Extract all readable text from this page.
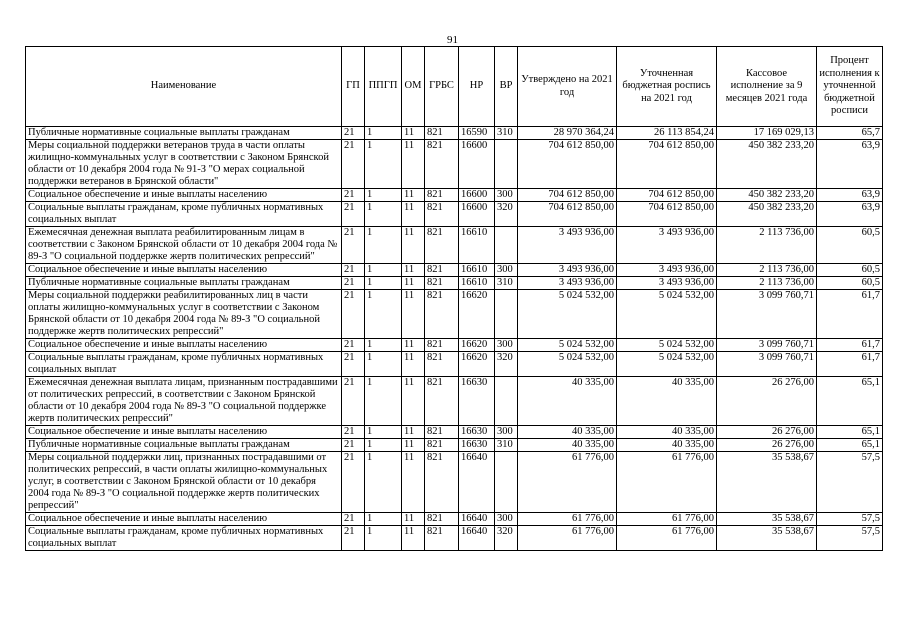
91
Наименование	ГП	ППГП	ОМ	ГРБС	НР	ВР	Утверждено на 2021 год	Уточненная бюджетная роспись на 2021 год	Кассовое исполнение за 9 месяцев 2021 года	Процент исполнения к уточненной бюджетной росписи
Публичные нормативные социальные выплаты гражданам	21	1	11	821	16590	310	28 970 364,24	26 113 854,24	17 169 029,13	65,7
Меры социальной поддержки ветеранов труда в части оплаты жилищно-коммунальных услуг в соответствии с Законом Брянской области от 10 декабря 2004 года № 91-З "О мерах социальной поддержки ветеранов в Брянской области"	21	1	11	821	16600		704 612 850,00	704 612 850,00	450 382 233,20	63,9
Социальное обеспечение и иные выплаты населению	21	1	11	821	16600	300	704 612 850,00	704 612 850,00	450 382 233,20	63,9
Социальные выплаты гражданам, кроме публичных нормативных социальных выплат	21	1	11	821	16600	320	704 612 850,00	704 612 850,00	450 382 233,20	63,9
Ежемесячная денежная выплата реабилитированным лицам в соответствии с Законом Брянской области от 10 декабря 2004 года № 89-З "О социальной поддержке жертв политических репрессий"	21	1	11	821	16610		3 493 936,00	3 493 936,00	2 113 736,00	60,5
Социальное обеспечение и иные выплаты населению	21	1	11	821	16610	300	3 493 936,00	3 493 936,00	2 113 736,00	60,5
Публичные нормативные социальные выплаты гражданам	21	1	11	821	16610	310	3 493 936,00	3 493 936,00	2 113 736,00	60,5
Меры социальной поддержки реабилитированных лиц в части оплаты жилищно-коммунальных услуг в соответствии с Законом Брянской области от 10 декабря 2004 года № 89-З "О социальной поддержке жертв политических репрессий"	21	1	11	821	16620		5 024 532,00	5 024 532,00	3 099 760,71	61,7
Социальное обеспечение и иные выплаты населению	21	1	11	821	16620	300	5 024 532,00	5 024 532,00	3 099 760,71	61,7
Социальные выплаты гражданам, кроме публичных нормативных социальных выплат	21	1	11	821	16620	320	5 024 532,00	5 024 532,00	3 099 760,71	61,7
Ежемесячная денежная выплата лицам, признанным пострадавшими от политических репрессий, в соответствии с Законом Брянской области от 10 декабря 2004 года № 89-З "О социальной поддержке жертв политических репрессий"	21	1	11	821	16630		40 335,00	40 335,00	26 276,00	65,1
Социальное обеспечение и иные выплаты населению	21	1	11	821	16630	300	40 335,00	40 335,00	26 276,00	65,1
Публичные нормативные социальные выплаты гражданам	21	1	11	821	16630	310	40 335,00	40 335,00	26 276,00	65,1
Меры социальной поддержки лиц, признанных пострадавшими от политических репрессий, в части оплаты жилищно-коммунальных услуг, в соответствии с Законом Брянской области от 10 декабря 2004 года № 89-З "О социальной поддержке жертв политических репрессий"	21	1	11	821	16640		61 776,00	61 776,00	35 538,67	57,5
Социальное обеспечение и иные выплаты населению	21	1	11	821	16640	300	61 776,00	61 776,00	35 538,67	57,5
Социальные выплаты гражданам, кроме публичных нормативных социальных выплат	21	1	11	821	16640	320	61 776,00	61 776,00	35 538,67	57,5
